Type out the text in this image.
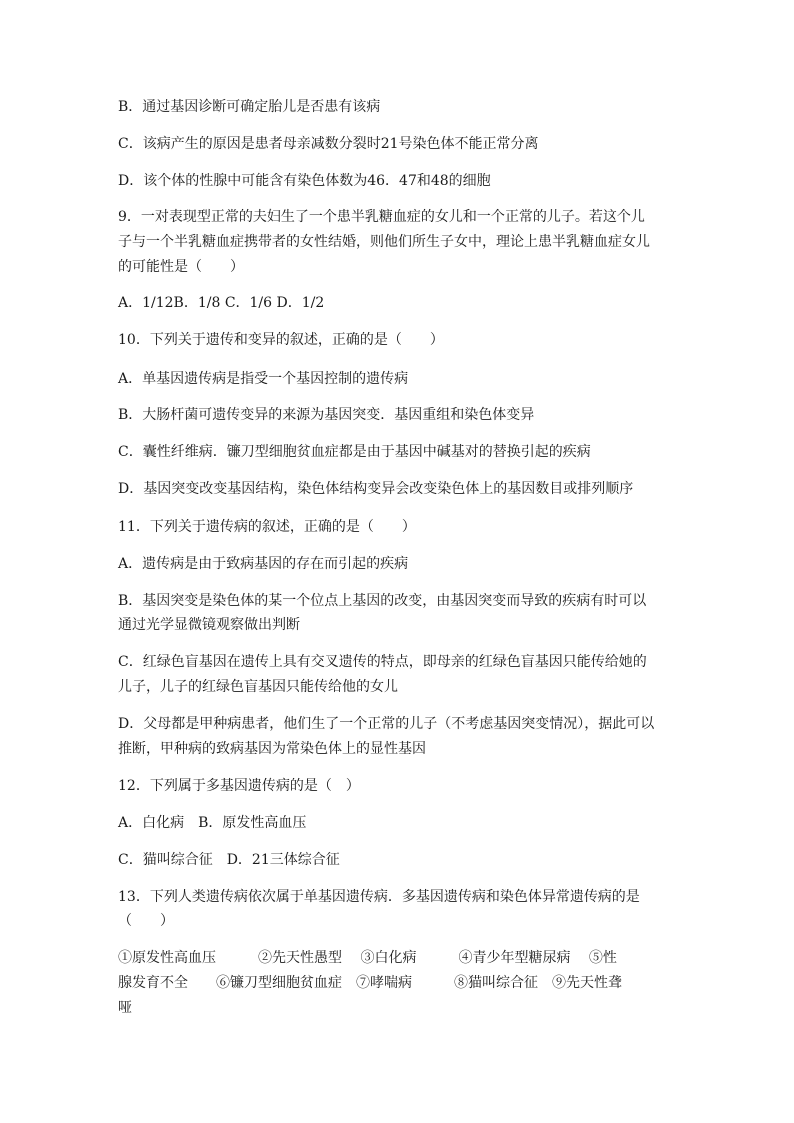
B．通过基因诊断可确定胎儿是否患有该病
C．该病产生的原因是患者母亲减数分裂时21号染色体不能正常分离
D．该个体的性腺中可能含有染色体数为46．47和48的细胞
9．一对表现型正常的夫妇生了一个患半乳糖血症的女儿和一个正常的儿子。若这个儿
子与一个半乳糖血症携带者的女性结婚，则他们所生子女中，理论上患半乳糖血症女儿
的可能性是（　　）
A．1/12B．1/8 C．1/6 D．1/2
10．下列关于遗传和变异的叙述，正确的是（　　）
A．单基因遗传病是指受一个基因控制的遗传病
B．大肠杆菌可遗传变异的来源为基因突变．基因重组和染色体变异
C．囊性纤维病．镰刀型细胞贫血症都是由于基因中碱基对的替换引起的疾病
D．基因突变改变基因结构，染色体结构变异会改变染色体上的基因数目或排列顺序
11．下列关于遗传病的叙述，正确的是（　　）
A．遗传病是由于致病基因的存在而引起的疾病
B．基因突变是染色体的某一个位点上基因的改变，由基因突变而导致的疾病有时可以
通过光学显微镜观察做出判断
C．红绿色盲基因在遗传上具有交叉遗传的特点，即母亲的红绿色盲基因只能传给她的
儿子，儿子的红绿色盲基因只能传给他的女儿
D．父母都是甲种病患者，他们生了一个正常的儿子（不考虑基因突变情况），据此可以
推断，甲种病的致病基因为常染色体上的显性基因
12．下列属于多基因遗传病的是（　）
A．白化病　B．原发性高血压
C．猫叫综合征　D．21三体综合征
13．下列人类遗传病依次属于单基因遗传病．多基因遗传病和染色体异常遗传病的是
（　　）
①原发性高血压　　　②先天性愚型　 ③白化病　　　④青少年型糖尿病　 ⑤性
腺发育不全　　⑥镰刀型细胞贫血症　⑦哮喘病　　　⑧猫叫综合征　⑨先天性聋
哑
